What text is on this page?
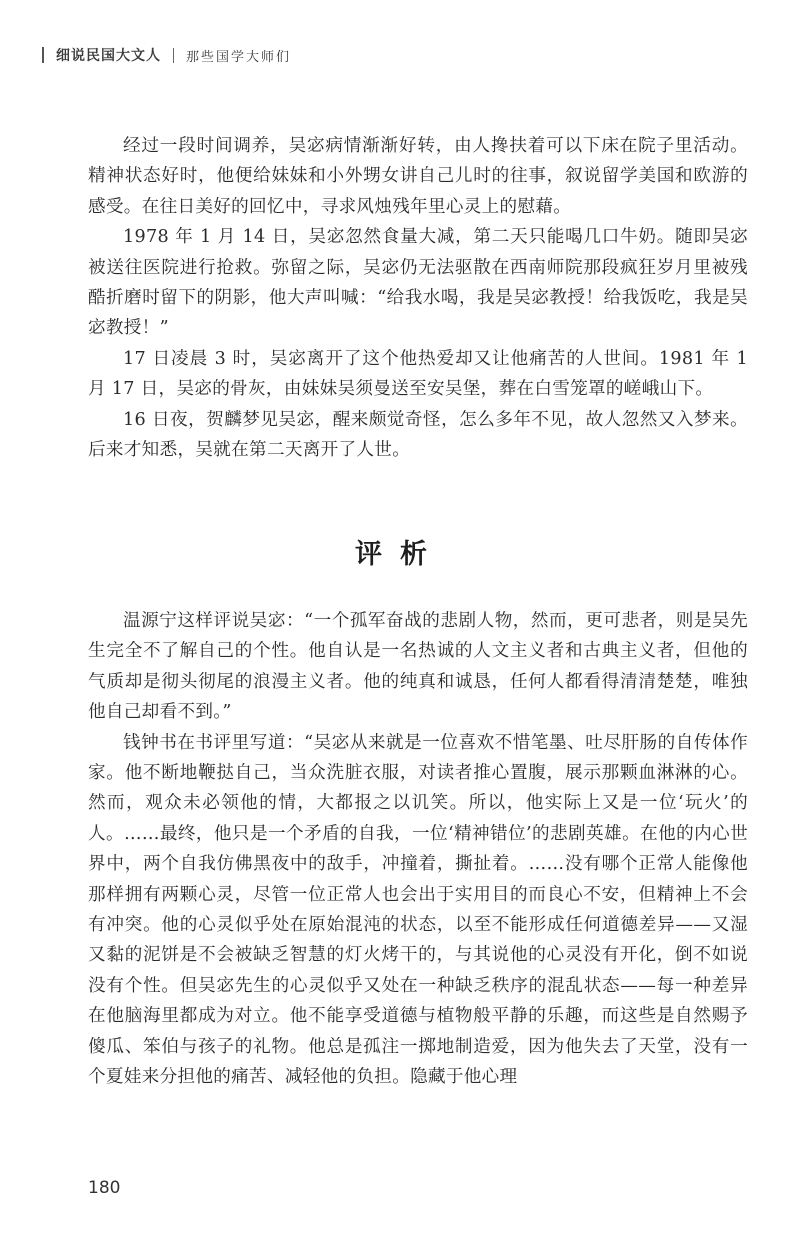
细说民国大文人 那些国学大师们

经过一段时间调养，吴宓病情渐渐好转，由人搀扶着可以下床在院子里活动。精神状态好时，他便给妹妹和小外甥女讲自己儿时的往事，叙说留学美国和欧游的感受。在往日美好的回忆中，寻求风烛残年里心灵上的慰藉。

1978 年 1 月 14 日，吴宓忽然食量大减，第二天只能喝几口牛奶。随即吴宓被送往医院进行抢救。弥留之际，吴宓仍无法驱散在西南师院那段疯狂岁月里被残酷折磨时留下的阴影，他大声叫喊：“给我水喝，我是吴宓教授！给我饭吃，我是吴宓教授！”

17 日凌晨 3 时，吴宓离开了这个他热爱却又让他痛苦的人世间。1981 年 1 月 17 日，吴宓的骨灰，由妹妹吴须曼送至安吴堡，葬在白雪笼罩的嵯峨山下。

16 日夜，贺麟梦见吴宓，醒来颇觉奇怪，怎么多年不见，故人忽然又入梦来。后来才知悉，吴就在第二天离开了人世。

评析

温源宁这样评说吴宓：“一个孤军奋战的悲剧人物，然而，更可悲者，则是吴先生完全不了解自己的个性。他自认是一名热诚的人文主义者和古典主义者，但他的气质却是彻头彻尾的浪漫主义者。他的纯真和诚恳，任何人都看得清清楚楚，唯独他自己却看不到。”

钱钟书在书评里写道：“吴宓从来就是一位喜欢不惜笔墨、吐尽肝肠的自传体作家。他不断地鞭挞自己，当众洗脏衣服，对读者推心置腹，展示那颗血淋淋的心。然而，观众未必领他的情，大都报之以讥笑。所以，他实际上又是一位‘玩火’的人。……最终，他只是一个矛盾的自我，一位‘精神错位’的悲剧英雄。在他的内心世界中，两个自我仿佛黑夜中的敌手，冲撞着，撕扯着。……没有哪个正常人能像他那样拥有两颗心灵，尽管一位正常人也会出于实用目的而良心不安，但精神上不会有冲突。他的心灵似乎处在原始混沌的状态，以至不能形成任何道德差异——又湿又黏的泥饼是不会被缺乏智慧的灯火烤干的，与其说他的心灵没有开化，倒不如说没有个性。但吴宓先生的心灵似乎又处在一种缺乏秩序的混乱状态——每一种差异在他脑海里都成为对立。他不能享受道德与植物般平静的乐趣，而这些是自然赐予傻瓜、笨伯与孩子的礼物。他总是孤注一掷地制造爱，因为他失去了天堂，没有一个夏娃来分担他的痛苦、减轻他的负担。隐藏于他心理

180
